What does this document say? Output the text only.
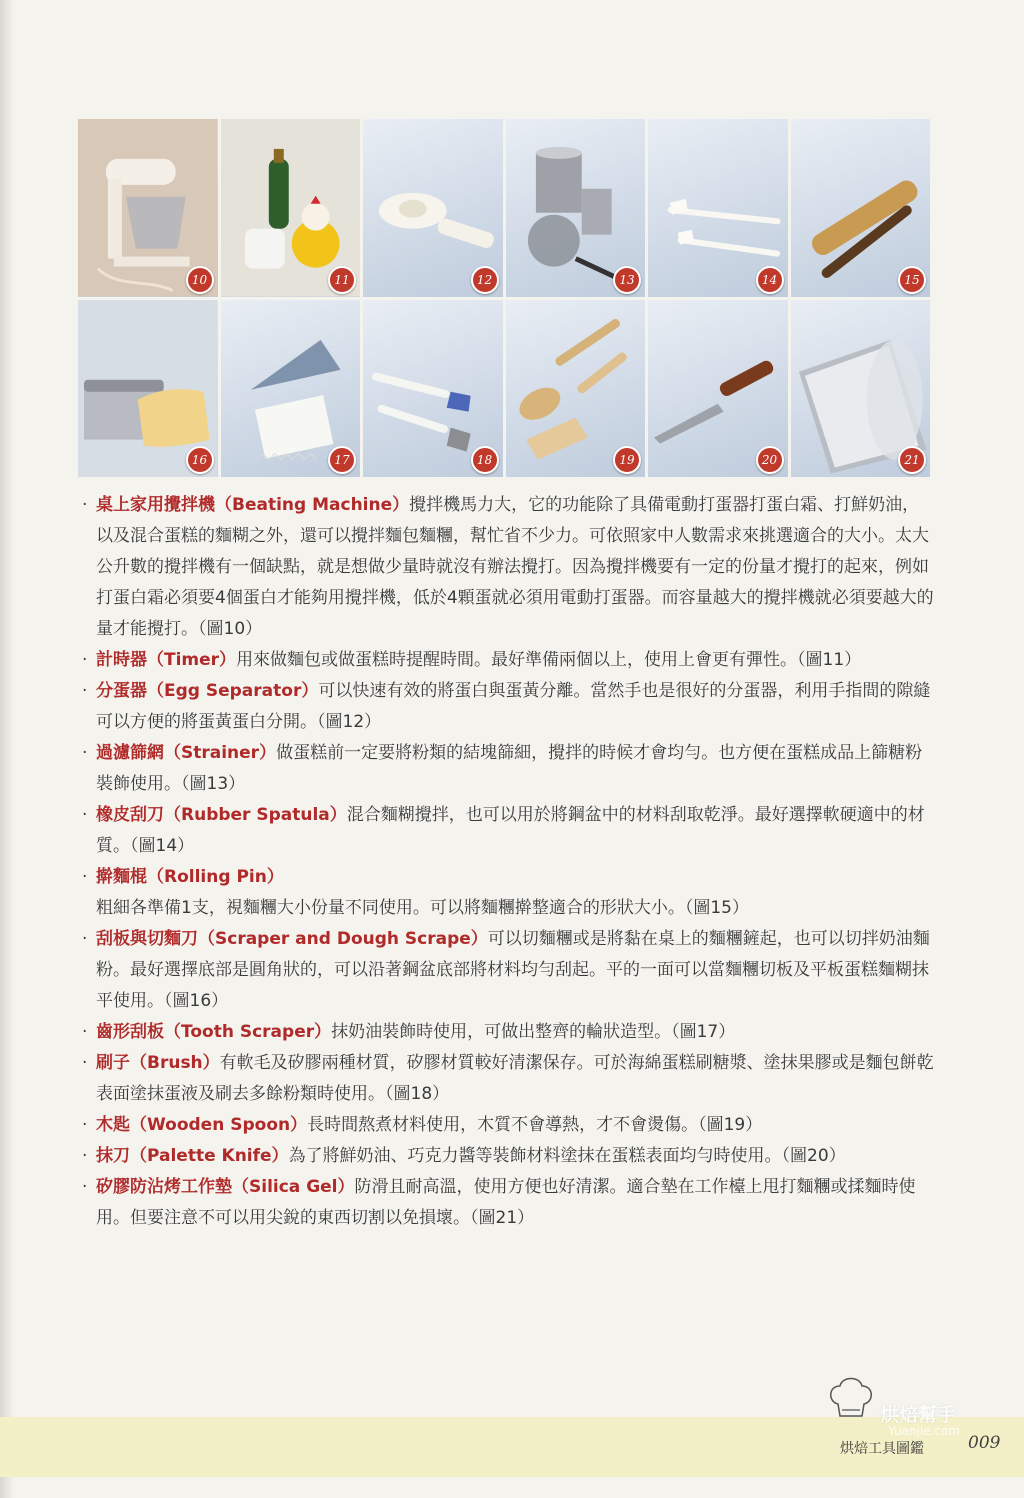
10	11	12	13	14	15
16	17	18	19	20	21
· 桌上家用攪拌機（Beating Machine）攪拌機馬力大，它的功能除了具備電動打蛋器打蛋白霜、打鮮奶油，以及混合蛋糕的麵糊之外，還可以攪拌麵包麵糰，幫忙省不少力。可依照家中人數需求來挑選適合的大小。太大公升數的攪拌機有一個缺點，就是想做少量時就沒有辦法攪打。因為攪拌機要有一定的份量才攪打的起來，例如打蛋白霜必須要4個蛋白才能夠用攪拌機，低於4顆蛋就必須用電動打蛋器。而容量越大的攪拌機就必須要越大的量才能攪打。（圖10）
· 計時器（Timer）用來做麵包或做蛋糕時提醒時間。最好準備兩個以上，使用上會更有彈性。（圖11）
· 分蛋器（Egg Separator）可以快速有效的將蛋白與蛋黃分離。當然手也是很好的分蛋器，利用手指間的隙縫可以方便的將蛋黃蛋白分開。（圖12）
· 過濾篩網（Strainer）做蛋糕前一定要將粉類的結塊篩細，攪拌的時候才會均勻。也方便在蛋糕成品上篩糖粉裝飾使用。（圖13）
· 橡皮刮刀（Rubber Spatula）混合麵糊攪拌，也可以用於將鋼盆中的材料刮取乾淨。最好選擇軟硬適中的材質。（圖14）
· 擀麵棍（Rolling Pin）粗細各準備1支，視麵糰大小份量不同使用。可以將麵糰擀整適合的形狀大小。（圖15）
· 刮板與切麵刀（Scraper and Dough Scrape）可以切麵糰或是將黏在桌上的麵糰鏟起，也可以切拌奶油麵粉。最好選擇底部是圓角狀的，可以沿著鋼盆底部將材料均勻刮起。平的一面可以當麵糰切板及平板蛋糕麵糊抹平使用。（圖16）
· 齒形刮板（Tooth Scraper）抹奶油裝飾時使用，可做出整齊的輪狀造型。（圖17）
· 刷子（Brush）有軟毛及矽膠兩種材質，矽膠材質較好清潔保存。可於海綿蛋糕刷糖漿、塗抹果膠或是麵包餅乾表面塗抹蛋液及刷去多餘粉類時使用。（圖18）
· 木匙（Wooden Spoon）長時間熬煮材料使用，木質不會導熱，才不會燙傷。（圖19）
· 抹刀（Palette Knife）為了將鮮奶油、巧克力醬等裝飾材料塗抹在蛋糕表面均勻時使用。（圖20）
· 矽膠防沾烤工作墊（Silica Gel）防滑且耐高溫，使用方便也好清潔。適合墊在工作檯上甩打麵糰或揉麵時使用。但要注意不可以用尖銳的東西切割以免損壞。（圖21）
烘焙幫手
Yuanjie.com
烘焙工具圖鑑	009
